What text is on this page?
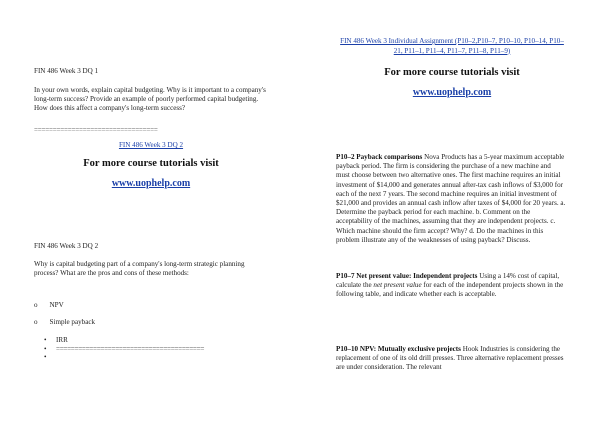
FIN 486 Week 3 DQ 1
In your own words, explain capital budgeting. Why is it important to a company's long-term success? Provide an example of poorly performed capital budgeting. How does this affect a company's long-term success?
=================================
FIN 486 Week 3 DQ 2
For more course tutorials visit
www.uophelp.com
FIN 486 Week 3 DQ 2
Why is capital budgeting part of a company's long-term strategic planning process? What are the pros and cons of these methods:
o NPV
o Simple payback
• IRR
• ========================================
•
FIN 486 Week 3 Individual Assignment (P10–2,P10–7, P10–10, P10–14, P10–21, P11–1, P11–4, P11–7, P11–8, P11–9)
For more course tutorials visit
www.uophelp.com
P10–2 Payback comparisons Nova Products has a 5-year maximum acceptable payback period. The firm is considering the purchase of a new machine and must choose between two alternative ones. The first machine requires an initial investment of $14,000 and generates annual after-tax cash inflows of $3,000 for each of the next 7 years. The second machine requires an initial investment of $21,000 and provides an annual cash inflow after taxes of $4,000 for 20 years. a. Determine the payback period for each machine. b. Comment on the acceptability of the machines, assuming that they are independent projects. c. Which machine should the firm accept? Why? d. Do the machines in this problem illustrate any of the weaknesses of using payback? Discuss.
P10–7 Net present value: Independent projects Using a 14% cost of capital, calculate the net present value for each of the independent projects shown in the following table, and indicate whether each is acceptable.
P10–10 NPV: Mutually exclusive projects Hook Industries is considering the replacement of one of its old drill presses. Three alternative replacement presses are under consideration. The relevant
